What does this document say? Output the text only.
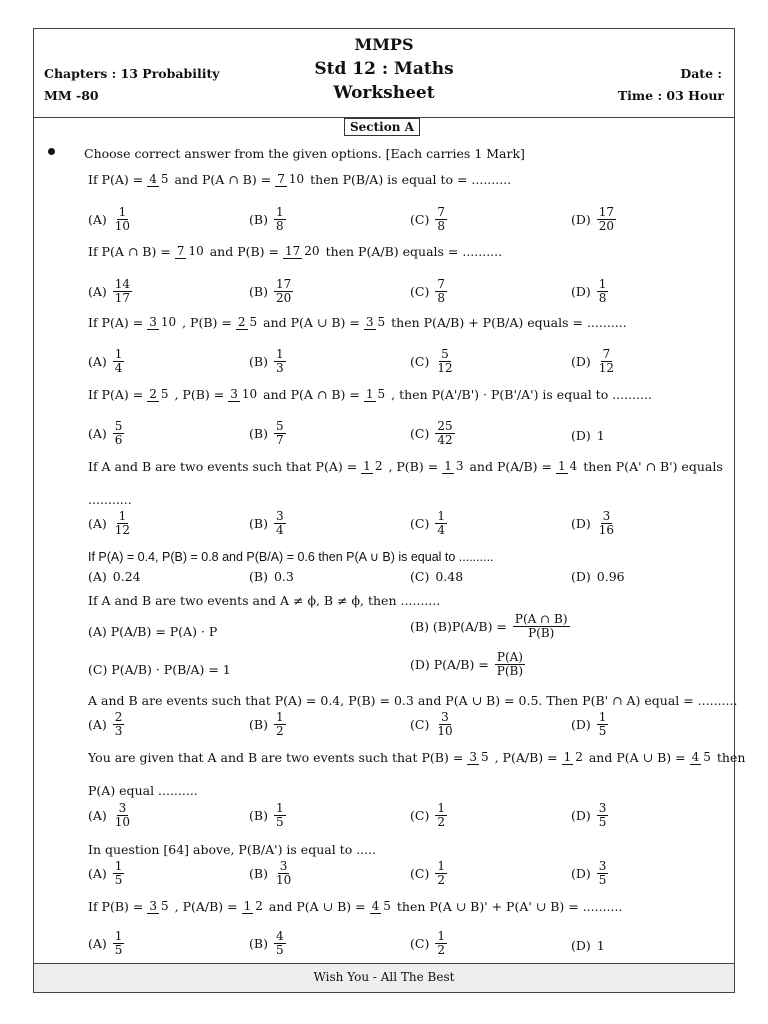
MMPS
Std 12 : Maths
Worksheet
Chapters : 13 Probability
MM -80
Date :
Time : 03 Hour
Section A
Choose correct answer from the given options. [Each carries 1 Mark]
If P(A) = 4 5 and P(A ∩ B) = 7 10 then P(B/A) is equal to = ..........
$(A) \frac{1}{10}$	$(B) \frac{1}{8}$	$(C) \frac{7}{8}$	$(D) \frac{17}{20}$
If P(A ∩ B) = 7 10 and P(B) = 17 20 then P(A/B) equals = ..........
$(A) \frac{14}{17}$	$(B) \frac{17}{20}$	$(C) \frac{7}{8}$	$(D) \frac{1}{8}$
If P(A) = 3 10 , P(B) = 2 5 and P(A ∪ B) = 3 5 then P(A/B) + P(B/A) equals = ..........
$(A) \frac{1}{4}$	$(B) \frac{1}{3}$	$(C) \frac{5}{12}$	$(D) \frac{7}{12}$
If P(A) = 2 5 , P(B) = 3 10 and P(A ∩ B) = 1 5 , then P(A'/B') · P(B'/A') is equal to ..........
$(A) \frac{5}{6}$	$(B) \frac{5}{7}$	$(C) \frac{25}{42}$	(D) 1
If A and B are two events such that P(A) = 1 2 , P(B) = 1 3 and P(A/B) = 1 4 then P(A' ∩ B') equals
...........
$(A) \frac{1}{12}$	$(B) \frac{3}{4}$	$(C) \frac{1}{4}$	$(D) \frac{3}{16}$
If P(A) = 0.4, P(B) = 0.8 and P(B/A) = 0.6 then P(A ∪ B) is equal to ..........
(A) 0.24	(B) 0.3	(C) 0.48	(D) 0.96
If A and B are two events and A ≠ ϕ, B ≠ ϕ, then ..........
(A) P(A/B) = P(A) · P	(B) $(B)P(A/B) = \frac{P(A \cap B)}{P(B)}$
(C) P(A/B) · P(B/A) = 1	(D) $P(A/B) = \frac{P(A)}{P(B)}$
A and B are events such that P(A) = 0.4, P(B) = 0.3 and P(A ∪ B) = 0.5. Then P(B' ∩ A) equal = ..........
$(A) \frac{2}{3}$	$(B) \frac{1}{2}$	$(C) \frac{3}{10}$	$(D) \frac{1}{5}$
You are given that A and B are two events such that P(B) = 3 5 , P(A/B) = 1 2 and P(A ∪ B) = 4 5 then
P(A) equal ..........
$(A) \frac{3}{10}$	$(B) \frac{1}{5}$	$(C) \frac{1}{2}$	$(D) \frac{3}{5}$
In question [64] above, P(B/A') is equal to .....
$(A) \frac{1}{5}$	$(B) \frac{3}{10}$	$(C) \frac{1}{2}$	$(D) \frac{3}{5}$
If P(B) = 3 5 , P(A/B) = 1 2 and P(A ∪ B) = 4 5 then P(A ∪ B)' + P(A' ∪ B) = ..........
$(A) \frac{1}{5}$	$(B) \frac{4}{5}$	$(C) \frac{1}{2}$	(D) 1
Wish You - All The Best
